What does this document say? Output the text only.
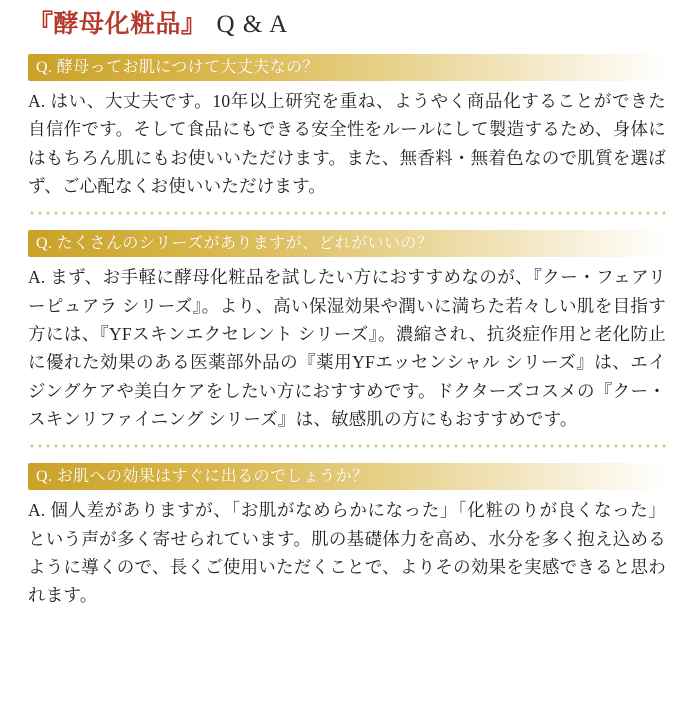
『酵母化粧品』 Q & A
Q. 酵母ってお肌につけて大丈夫なの？
A. はい、大丈夫です。10年以上研究を重ね、ようやく商品化することができた自信作です。そして食品にもできる安全性をルールにして製造するため、身体にはもちろん肌にもお使いいただけます。また、無香料・無着色なので肌質を選ばず、ご心配なくお使いいただけます。
Q. たくさんのシリーズがありますが、どれがいいの？
A. まず、お手軽に酵母化粧品を試したい方におすすめなのが、『クー・フェアリーピュアラ シリーズ』。より、高い保湿効果や潤いに満ちた若々しい肌を目指す方には、『YFスキンエクセレント シリーズ』。濃縮され、抗炎症作用と老化防止に優れた効果のある医薬部外品の『薬用YFエッセンシャル シリーズ』は、エイジングケアや美白ケアをしたい方におすすめです。ドクターズコスメの『クー・スキンリファイニング シリーズ』は、敏感肌の方にもおすすめです。
Q. お肌への効果はすぐに出るのでしょうか？
A. 個人差がありますが、「お肌がなめらかになった」「化粧のりが良くなった」という声が多く寄せられています。肌の基礎体力を高め、水分を多く抱え込めるように導くので、長くご使用いただくことで、よりその効果を実感できると思われます。
